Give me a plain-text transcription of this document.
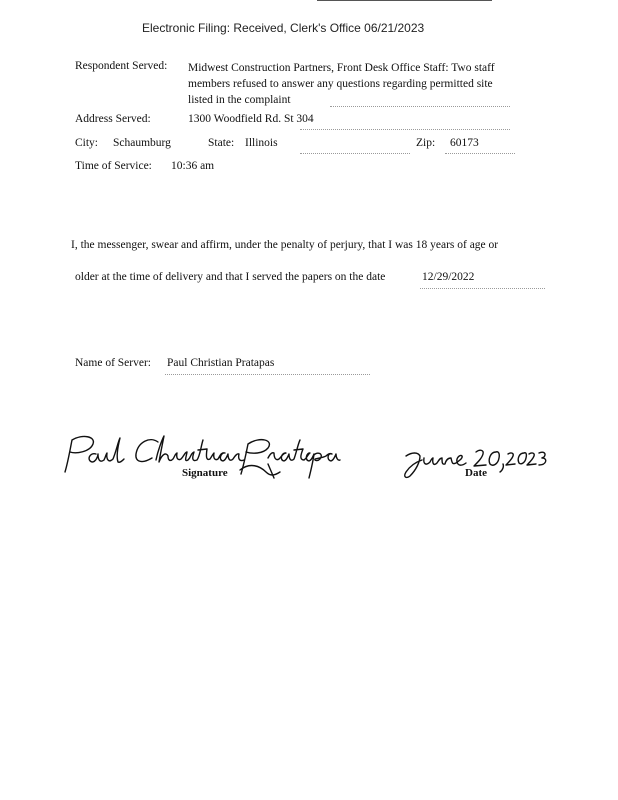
Electronic Filing: Received, Clerk's Office 06/21/2023
Respondent Served: Midwest Construction Partners, Front Desk Office Staff: Two staff members refused to answer any questions regarding permitted site listed in the complaint
Address Served:	1300 Woodfield Rd. St 304
City: Schaumburg	State: Illinois	Zip: 60173
Time of Service: 10:36 am
I, the messenger, swear and affirm, under the penalty of perjury, that I was 18 years of age or
older at the time of delivery and that I served the papers on the date	12/29/2022
Name of Server: Paul Christian Pratapas
Signature	Date
